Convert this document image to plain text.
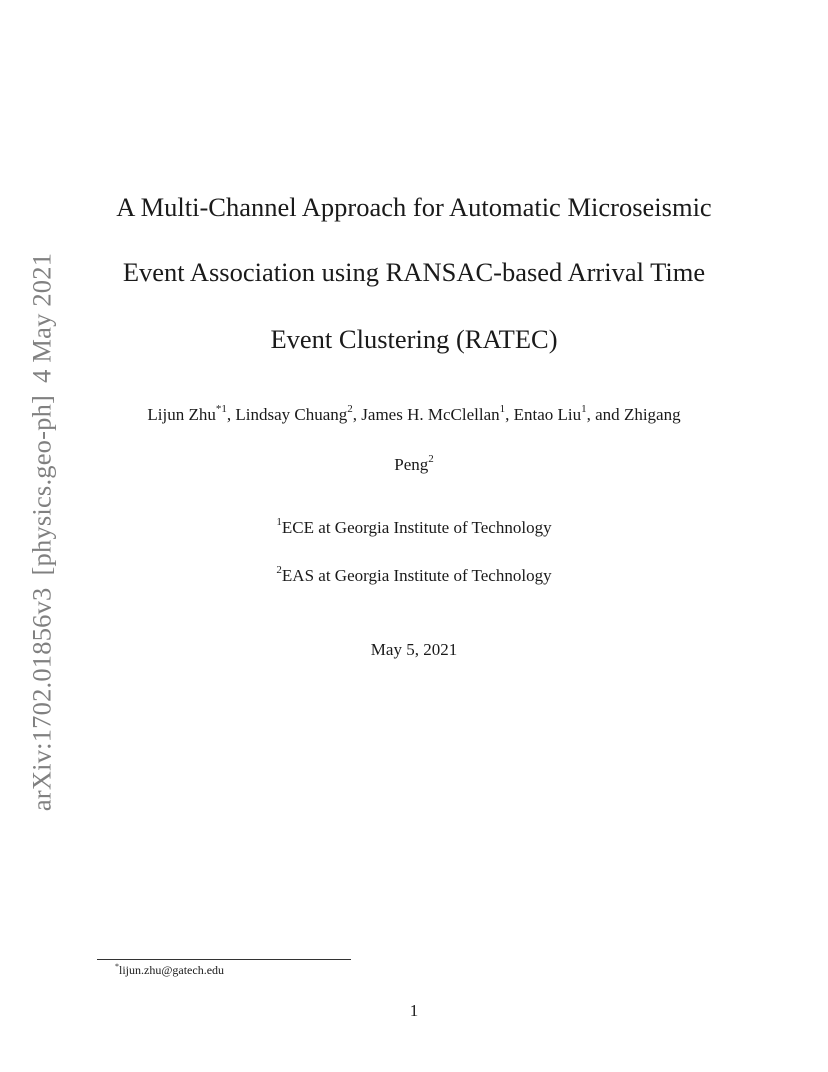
arXiv:1702.01856v3[physics.geo-ph]4 May 2021
A Multi-Channel Approach for Automatic Microseismic
Event Association using RANSAC-based Arrival Time
Event Clustering (RATEC)
Lijun Zhu$^{*1}$, Lindsay Chuang$^2$, James H. McClellan$^1$, Entao Liu$^1$, and Zhigang
Peng$^2$
$^1$ECE at Georgia Institute of Technology
$^2$EAS at Georgia Institute of Technology
May 5, 2021
*lijun.zhu@gatech.edu
1
